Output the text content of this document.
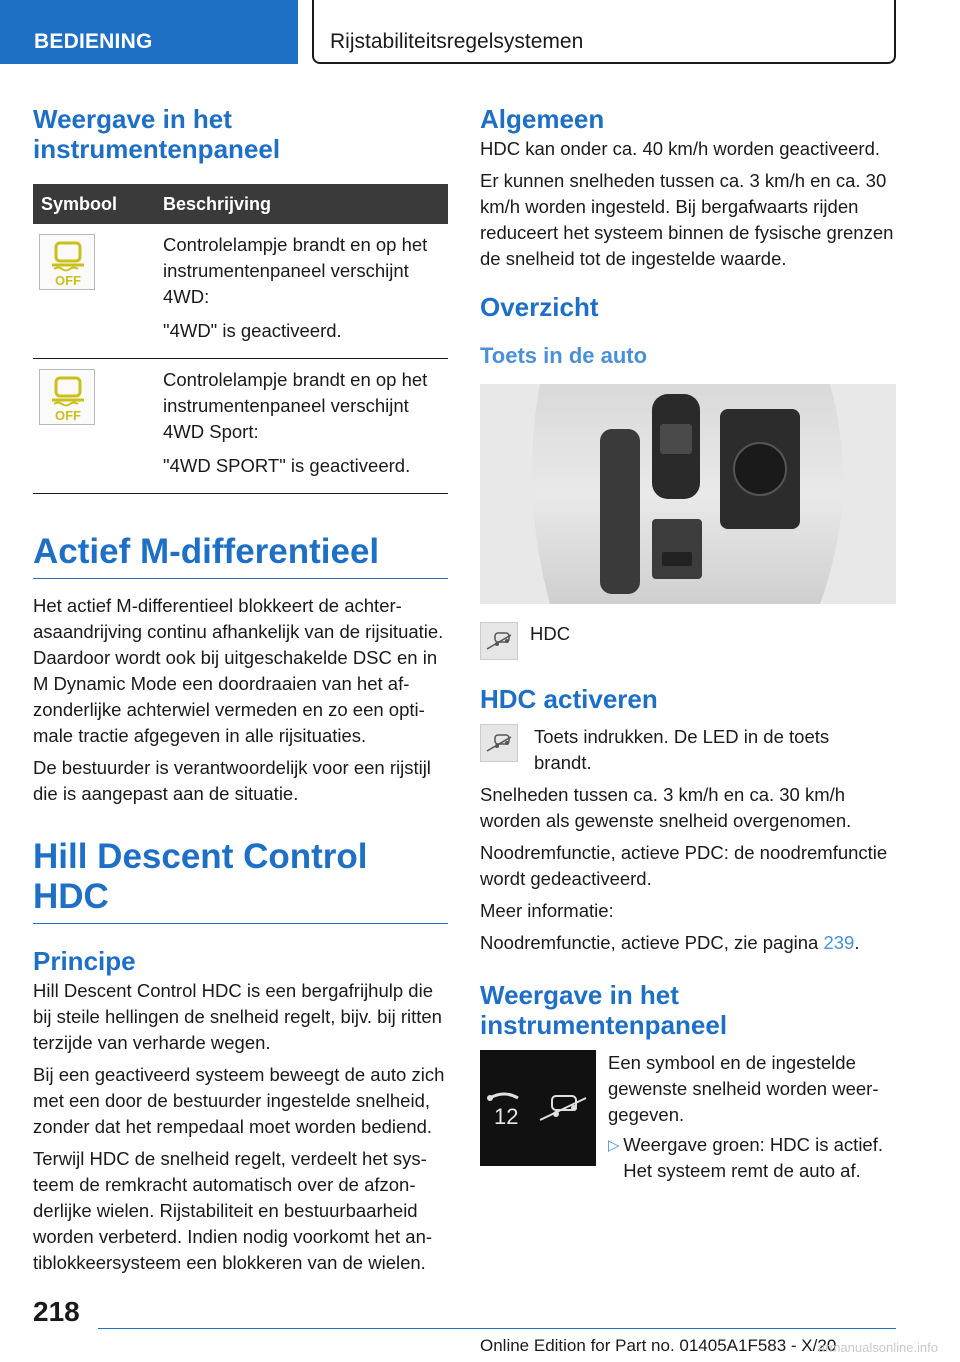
BEDIENING	Rijstabiliteitsregelsystemen
Weergave in het instrumentenpaneel
Symbool	Beschrijving

OFF	Controlelampje brandt en op het instrumentenpaneel verschijnt 4WD:

"4WD" is geactiveerd.

OFF	Controlelampje brandt en op het instrumentenpaneel verschijnt 4WD Sport:

"4WD SPORT" is geactiveerd.

Actief M-differentieel

Het actief M-differentieel blokkeert de achterasaandrijving continu afhankelijk van de rijsituatie. Daardoor wordt ook bij uitgeschakelde DSC en in M Dynamic Mode een doordraaien van het afzonderlijke achterwiel vermeden en zo een optimale tractie afgegeven in alle rijsituaties.

De bestuurder is verantwoordelijk voor een rijstijl die is aangepast aan de situatie.

Hill Descent Control HDC
Principe

Hill Descent Control HDC is een bergafrijhulp die bij steile hellingen de snelheid regelt, bijv. bij ritten terzijde van verharde wegen.

Bij een geactiveerd systeem beweegt de auto zich met een door de bestuurder ingestelde snelheid, zonder dat het rempedaal moet worden bediend.

Terwijl HDC de snelheid regelt, verdeelt het systeem de remkracht automatisch over de afzonderlijke wielen. Rijstabiliteit en bestuurbaarheid worden verbeterd. Indien nodig voorkomt het antiblokkeersysteem een blokkeren van de wielen.

Algemeen

HDC kan onder ca. 40 km/h worden geactiveerd.

Er kunnen snelheden tussen ca. 3 km/h en ca. 30 km/h worden ingesteld. Bij bergafwaarts rijden reduceert het systeem binnen de fysische grenzen de snelheid tot de ingestelde waarde.

Overzicht
Toets in de auto
HDC
HDC activeren

Toets indrukken. De LED in de toets brandt.

Snelheden tussen ca. 3 km/h en ca. 30 km/h worden als gewenste snelheid overgenomen.

Noodremfunctie, actieve PDC: de noodremfunctie wordt gedeactiveerd.

Meer informatie:

Noodremfunctie, actieve PDC, zie pagina 239.

Weergave in het instrumentenpaneel
12

Een symbool en de ingestelde gewenste snelheid worden weergegeven.

▷ Weergave groen: HDC is actief. Het systeem remt de auto af.

218
Online Edition for Part no. 01405A1F583 - X/20
armanualsonline.info
